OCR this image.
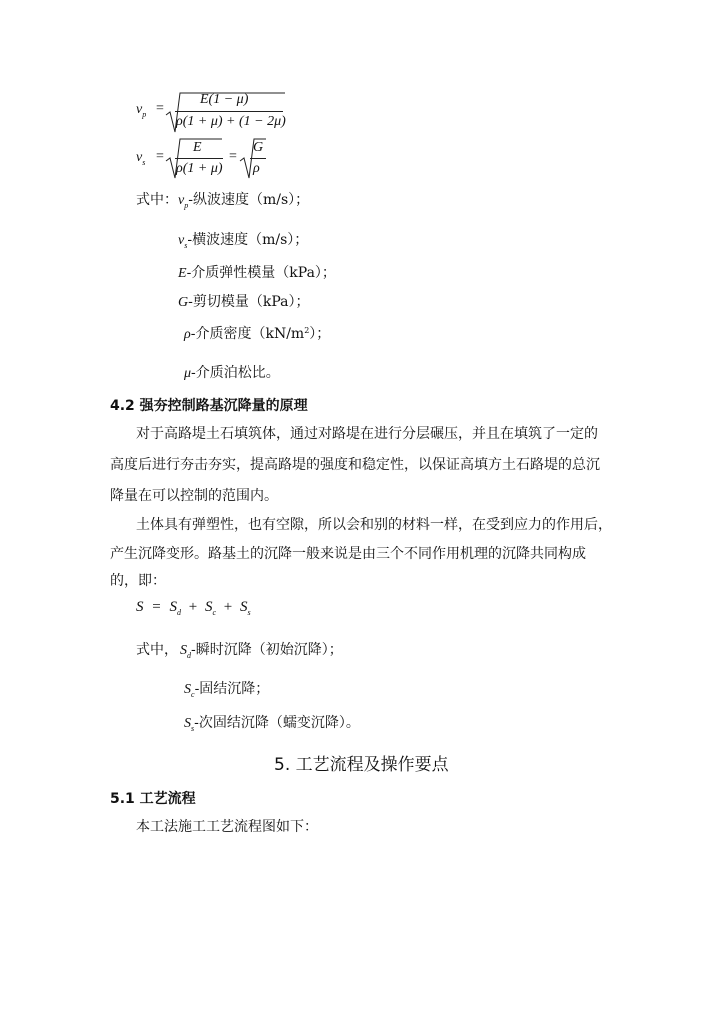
$v_p$ =
E(1 − μ)
ρ(1 + μ) + (1 − 2μ)
$v_s$ =
E
ρ(1 + μ)
=
G
ρ
式中： $v_p-$纵波速度（m/s）；
$v_s-$横波速度（m/s）；
E-介质弹性模量（kPa）；
G-剪切模量（kPa）；
ρ-介质密度$(kN/m^2)$；
μ-介质泊松比。
4.2 强夯控制路基沉降量的原理
对于高路堤土石填筑体，通过对路堤在进行分层碾压，并且在填筑了一定的
高度后进行夯击夯实，提高路堤的强度和稳定性，以保证高填方土石路堤的总沉
降量在可以控制的范围内。
土体具有弹塑性，也有空隙，所以会和别的材料一样，在受到应力的作用后，
产生沉降变形。路基土的沉降一般来说是由三个不同作用机理的沉降共同构成
的，即：
$S = S_d + S_c + S_s$
式中， $S_d-$瞬时沉降（初始沉降）；
$S_c-$固结沉降；
$S_s-$次固结沉降（蠕变沉降）。
5. 工艺流程及操作要点
5.1 工艺流程
本工法施工工艺流程图如下：
